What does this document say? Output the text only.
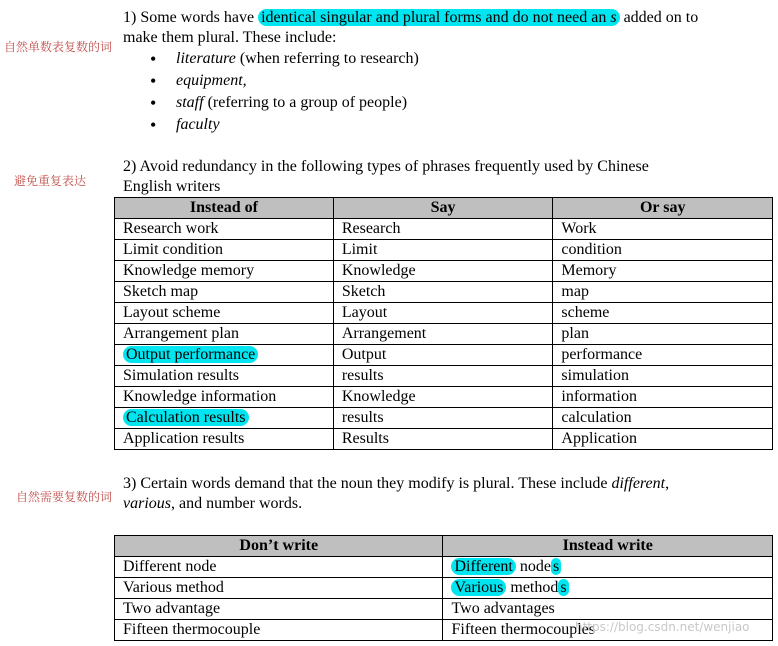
自然单数表复数的词
避免重复表达
自然需要复数的词
1) Some words have identical singular and plural forms and do not need an s added on to
make them plural. These include:
• literature (when referring to research)
• equipment,
• staff (referring to a group of people)
• faculty
2) Avoid redundancy in the following types of phrases frequently used by Chinese
English writers
Instead of	Say	Or say
Research work	Research	Work
Limit condition	Limit	condition
Knowledge memory	Knowledge	Memory
Sketch map	Sketch	map
Layout scheme	Layout	scheme
Arrangement plan	Arrangement	plan
Output performance	Output	performance
Simulation results	results	simulation
Knowledge information	Knowledge	information
Calculation results	results	calculation
Application results	Results	Application
3) Certain words demand that the noun they modify is plural. These include different,
various, and number words.
Don’t write	Instead write
Different node	Different node s
Various method	Various method s
Two advantage	Two advantages
Fifteen thermocouple	Fifteen thermocouples
https://blog.csdn.net/wenjiao
